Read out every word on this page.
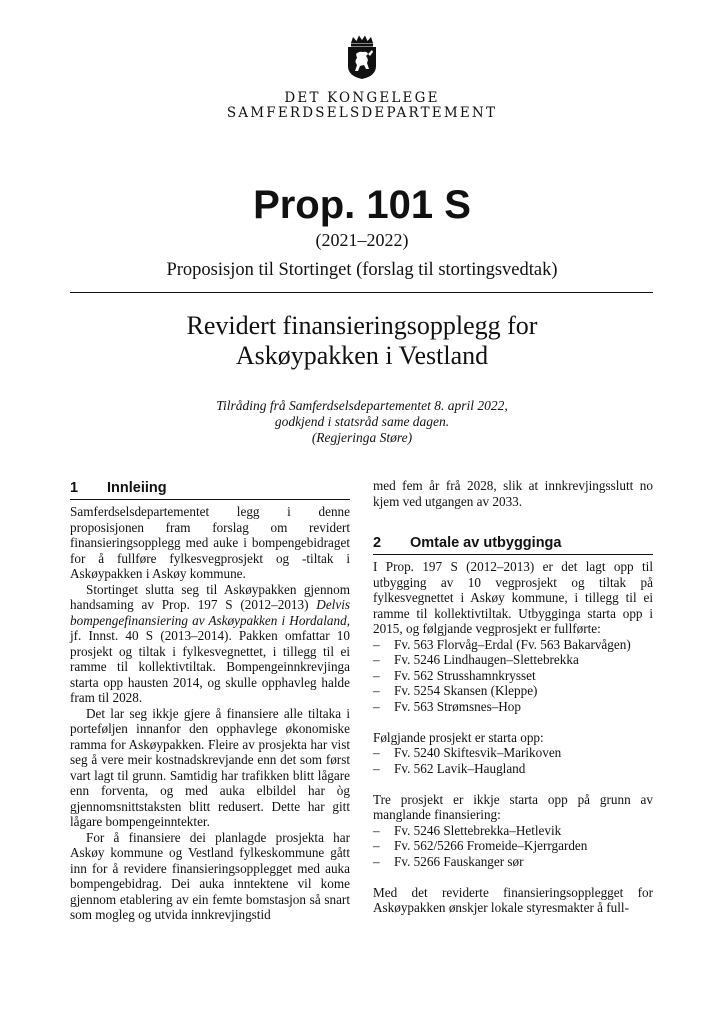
DET KONGELEGE
SAMFERDSELSDEPARTEMENT
Prop. 101 S
(2021–2022)
Proposisjon til Stortinget (forslag til stortingsvedtak)
Revidert finansieringsopplegg for
Askøypakken i Vestland
Tilråding frå Samferdselsdepartementet 8. april 2022,
godkjend i statsråd same dagen.
(Regjeringa Støre)
1	Innleiing

Samferdselsdepartementet legg i denne proposisjonen fram forslag om revidert finansieringsopplegg med auke i bompengebidraget for å fullføre fylkesvegprosjekt og -tiltak i Askøypakken i Askøy kommune.

Stortinget slutta seg til Askøypakken gjennom handsaming av Prop. 197 S (2012–2013) Delvis bompengefinansiering av Askøypakken i Hordaland, jf. Innst. 40 S (2013–2014). Pakken omfattar 10 prosjekt og tiltak i fylkesvegnettet, i tillegg til ei ramme til kollektivtiltak. Bompengeinnkrevjinga starta opp hausten 2014, og skulle opphavleg halde fram til 2028.

Det lar seg ikkje gjere å finansiere alle tiltaka i porteføljen innanfor den opphavlege økonomiske ramma for Askøypakken. Fleire av prosjekta har vist seg å vere meir kostnadskrevjande enn det som først vart lagt til grunn. Samtidig har trafikken blitt lågare enn forventa, og med auka elbildel har òg gjennomsnittstaksten blitt redusert. Dette har gitt lågare bompengeinntekter.

For å finansiere dei planlagde prosjekta har Askøy kommune og Vestland fylkeskommune gått inn for å revidere finansieringsopplegget med auka bompengebidrag. Dei auka inntektene vil kome gjennom etablering av ein femte bomstasjon så snart som mogleg og utvida innkrevjingstid

med fem år frå 2028, slik at innkrevjingsslutt no kjem ved utgangen av 2033.

2	Omtale av utbygginga

I Prop. 197 S (2012–2013) er det lagt opp til utbygging av 10 vegprosjekt og tiltak på fylkesvegnettet i Askøy kommune, i tillegg til ei ramme til kollektivtiltak. Utbygginga starta opp i 2015, og følgjande vegprosjekt er fullførte:

– Fv. 563 Florvåg–Erdal (Fv. 563 Bakarvågen)
– Fv. 5246 Lindhaugen–Slettebrekka
– Fv. 562 Strusshamnkrysset
– Fv. 5254 Skansen (Kleppe)
– Fv. 563 Strømsnes–Hop

Følgjande prosjekt er starta opp:

– Fv. 5240 Skiftesvik–Marikoven
– Fv. 562 Lavik–Haugland

Tre prosjekt er ikkje starta opp på grunn av manglande finansiering:

– Fv. 5246 Slettebrekka–Hetlevik
– Fv. 562/5266 Fromeide–Kjerrgarden
– Fv. 5266 Fauskanger sør

Med det reviderte finansieringsopplegget for Askøypakken ønskjer lokale styresmakter å full-
